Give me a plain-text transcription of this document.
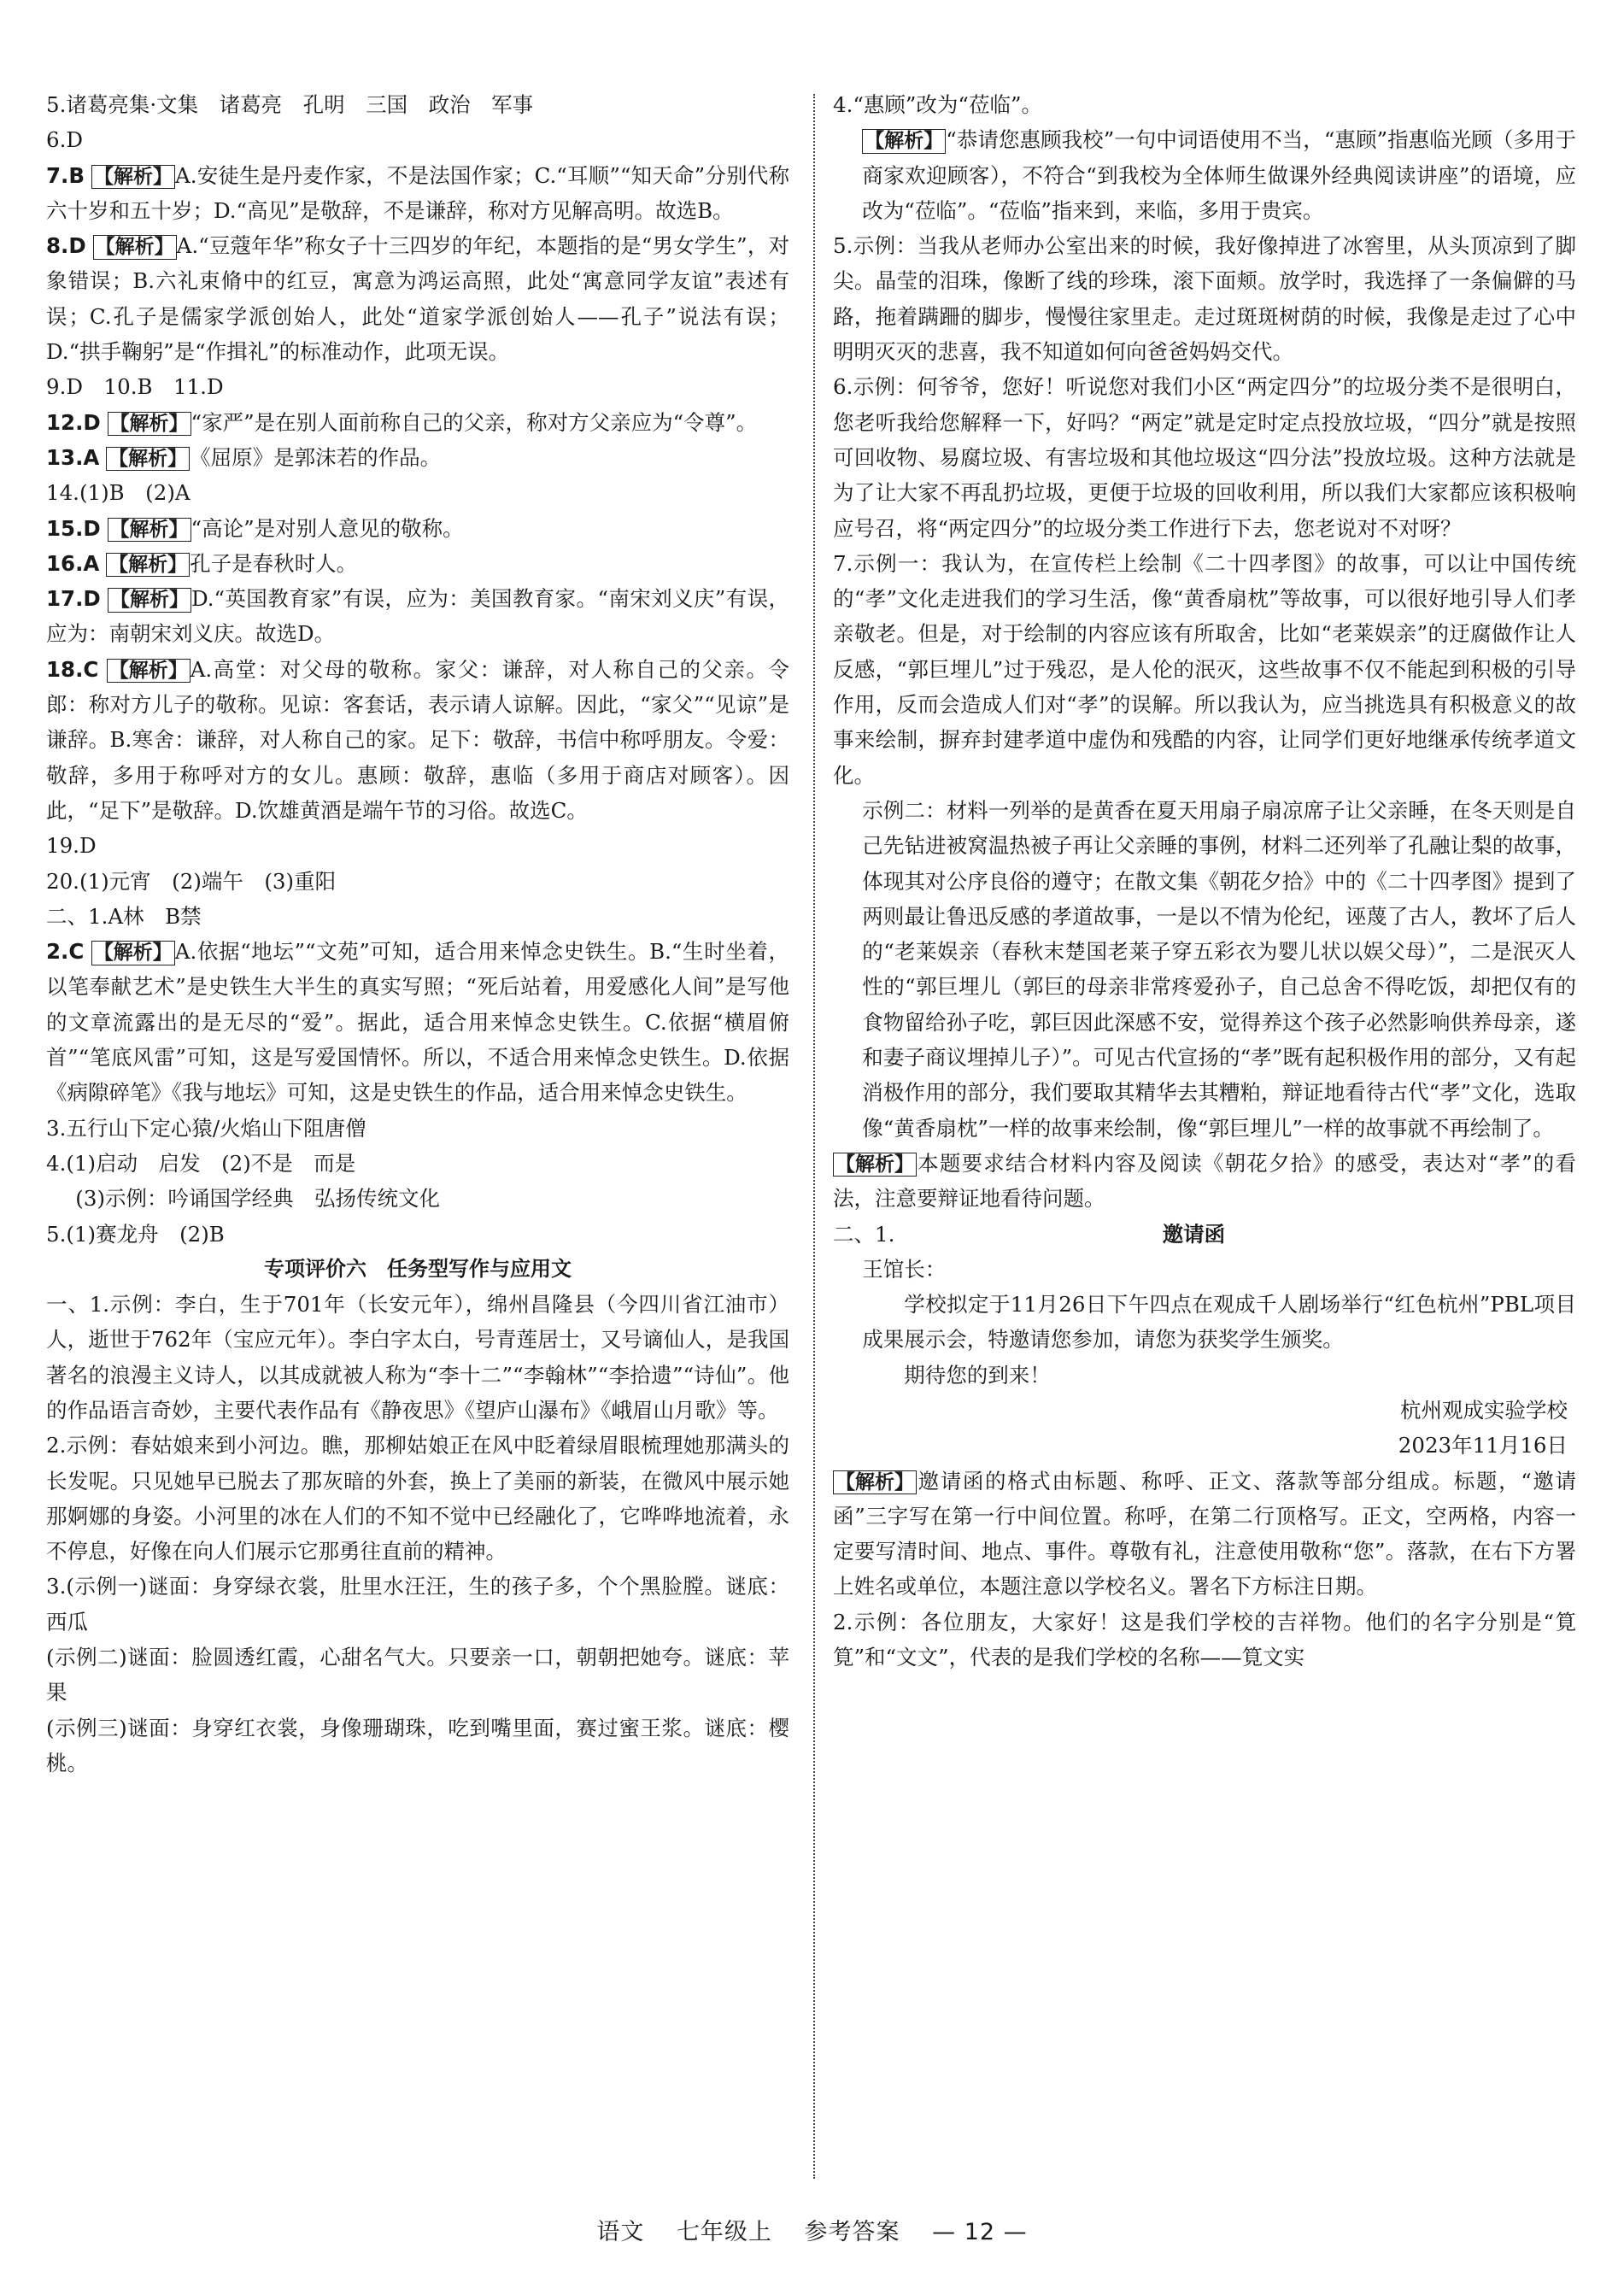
5.诸葛亮集·文集　诸葛亮　孔明　三国　政治　军事

6.D

7.B 【解析】 A.安徒生是丹麦作家，不是法国作家；C.“耳顺”“知天命”分别代称六十岁和五十岁；D.“高见”是敬辞，不是谦辞，称对方见解高明。故选B。

8.D 【解析】 A.“豆蔻年华”称女子十三四岁的年纪，本题指的是“男女学生”，对象错误；B.六礼束脩中的红豆，寓意为鸿运高照，此处“寓意同学友谊”表述有误；C.孔子是儒家学派创始人，此处“道家学派创始人——孔子”说法有误；D.“拱手鞠躬”是“作揖礼”的标准动作，此项无误。

9.D　10.B　11.D

12.D 【解析】 “家严”是在别人面前称自己的父亲，称对方父亲应为“令尊”。

13.A 【解析】 《屈原》是郭沫若的作品。

14.(1)B　(2)A

15.D 【解析】 “高论”是对别人意见的敬称。

16.A 【解析】 孔子是春秋时人。

17.D 【解析】 D.“英国教育家”有误，应为：美国教育家。“南宋刘义庆”有误，应为：南朝宋刘义庆。故选D。

18.C 【解析】 A.高堂：对父母的敬称。家父：谦辞，对人称自己的父亲。令郎：称对方儿子的敬称。见谅：客套话，表示请人谅解。因此，“家父”“见谅”是谦辞。B.寒舍：谦辞，对人称自己的家。足下：敬辞，书信中称呼朋友。令爱：敬辞，多用于称呼对方的女儿。惠顾：敬辞，惠临（多用于商店对顾客）。因此，“足下”是敬辞。D.饮雄黄酒是端午节的习俗。故选C。

19.D

20.(1)元宵　(2)端午　(3)重阳

二、1.A林　B禁

2.C 【解析】 A.依据“地坛”“文苑”可知，适合用来悼念史铁生。B.“生时坐着，以笔奉献艺术”是史铁生大半生的真实写照；“死后站着，用爱感化人间”是写他的文章流露出的是无尽的“爱”。据此，适合用来悼念史铁生。C.依据“横眉俯首”“笔底风雷”可知，这是写爱国情怀。所以，不适合用来悼念史铁生。D.依据《病隙碎笔》《我与地坛》可知，这是史铁生的作品，适合用来悼念史铁生。

3.五行山下定心猿/火焰山下阻唐僧

4.(1)启动　启发　(2)不是　而是

(3)示例：吟诵国学经典　弘扬传统文化

5.(1)赛龙舟　(2)B

专项评价六　任务型写作与应用文

一、1.示例：李白，生于701年（长安元年），绵州昌隆县（今四川省江油市）人，逝世于762年（宝应元年）。李白字太白，号青莲居士，又号谪仙人，是我国著名的浪漫主义诗人，以其成就被人称为“李十二”“李翰林”“李拾遗”“诗仙”。他的作品语言奇妙，主要代表作品有《静夜思》《望庐山瀑布》《峨眉山月歌》等。

2.示例：春姑娘来到小河边。瞧，那柳姑娘正在风中眨着绿眉眼梳理她那满头的长发呢。只见她早已脱去了那灰暗的外套，换上了美丽的新装，在微风中展示她那婀娜的身姿。小河里的冰在人们的不知不觉中已经融化了，它哗哗地流着，永不停息，好像在向人们展示它那勇往直前的精神。

3.(示例一)谜面：身穿绿衣裳，肚里水汪汪，生的孩子多，个个黑脸膛。谜底：西瓜

(示例二)谜面：脸圆透红霞，心甜名气大。只要亲一口，朝朝把她夸。谜底：苹果

(示例三)谜面：身穿红衣裳，身像珊瑚珠，吃到嘴里面，赛过蜜王浆。谜底：樱桃。

4.“惠顾”改为“莅临”。

【解析】 “恭请您惠顾我校”一句中词语使用不当，“惠顾”指惠临光顾（多用于商家欢迎顾客），不符合“到我校为全体师生做课外经典阅读讲座”的语境，应改为“莅临”。“莅临”指来到，来临，多用于贵宾。

5.示例：当我从老师办公室出来的时候，我好像掉进了冰窖里，从头顶凉到了脚尖。晶莹的泪珠，像断了线的珍珠，滚下面颊。放学时，我选择了一条偏僻的马路，拖着蹒跚的脚步，慢慢往家里走。走过斑斑树荫的时候，我像是走过了心中明明灭灭的悲喜，我不知道如何向爸爸妈妈交代。

6.示例：何爷爷，您好！听说您对我们小区“两定四分”的垃圾分类不是很明白，您老听我给您解释一下，好吗？“两定”就是定时定点投放垃圾，“四分”就是按照可回收物、易腐垃圾、有害垃圾和其他垃圾这“四分法”投放垃圾。这种方法就是为了让大家不再乱扔垃圾，更便于垃圾的回收利用，所以我们大家都应该积极响应号召，将“两定四分”的垃圾分类工作进行下去，您老说对不对呀？

7.示例一：我认为，在宣传栏上绘制《二十四孝图》的故事，可以让中国传统的“孝”文化走进我们的学习生活，像“黄香扇枕”等故事，可以很好地引导人们孝亲敬老。但是，对于绘制的内容应该有所取舍，比如“老莱娱亲”的迂腐做作让人反感，“郭巨埋儿”过于残忍，是人伦的泯灭，这些故事不仅不能起到积极的引导作用，反而会造成人们对“孝”的误解。所以我认为，应当挑选具有积极意义的故事来绘制，摒弃封建孝道中虚伪和残酷的内容，让同学们更好地继承传统孝道文化。

示例二：材料一列举的是黄香在夏天用扇子扇凉席子让父亲睡，在冬天则是自己先钻进被窝温热被子再让父亲睡的事例，材料二还列举了孔融让梨的故事，体现其对公序良俗的遵守；在散文集《朝花夕拾》中的《二十四孝图》提到了两则最让鲁迅反感的孝道故事，一是以不情为伦纪，诬蔑了古人，教坏了后人的“老莱娱亲（春秋末楚国老莱子穿五彩衣为婴儿状以娱父母）”，二是泯灭人性的“郭巨埋儿（郭巨的母亲非常疼爱孙子，自己总舍不得吃饭，却把仅有的食物留给孙子吃，郭巨因此深感不安，觉得养这个孩子必然影响供养母亲，遂和妻子商议埋掉儿子）”。可见古代宣扬的“孝”既有起积极作用的部分，又有起消极作用的部分，我们要取其精华去其糟粕，辩证地看待古代“孝”文化，选取像“黄香扇枕”一样的故事来绘制，像“郭巨埋儿”一样的故事就不再绘制了。

【解析】 本题要求结合材料内容及阅读《朝花夕拾》的感受，表达对“孝”的看法，注意要辩证地看待问题。

二、1.	邀请函

王馆长：

学校拟定于11月26日下午四点在观成千人剧场举行“红色杭州”PBL项目成果展示会，特邀请您参加，请您为获奖学生颁奖。

期待您的到来！

杭州观成实验学校

2023年11月16日

【解析】 邀请函的格式由标题、称呼、正文、落款等部分组成。标题，“邀请函”三字写在第一行中间位置。称呼，在第二行顶格写。正文，空两格，内容一定要写清时间、地点、事件。尊敬有礼，注意使用敬称“您”。落款，在右下方署上姓名或单位，本题注意以学校名义。署名下方标注日期。

2.示例：各位朋友，大家好！这是我们学校的吉祥物。他们的名字分别是“筧筧”和“文文”，代表的是我们学校的名称——筧文实

语文 七年级上 参考答案 — 12 —
